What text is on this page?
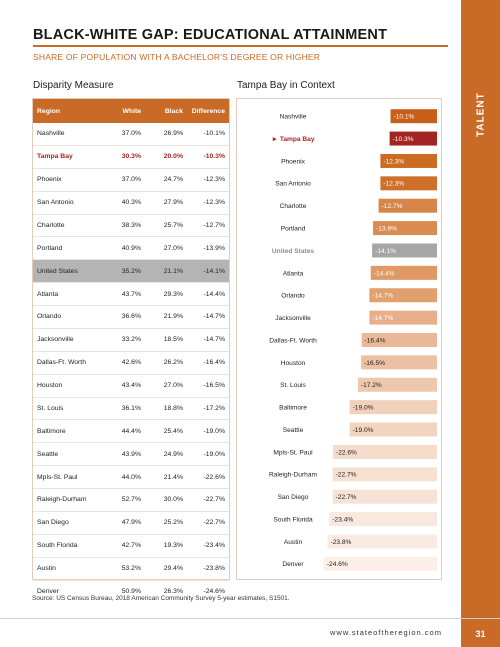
TALENT
BLACK-WHITE GAP: EDUCATIONAL ATTAINMENT
SHARE OF POPULATION WITH A BACHELOR'S DEGREE OR HIGHER
Disparity Measure	Tampa Bay in Context
Region	White	Black	Difference
Nashville	37.0%	26.9%	-10.1%
Tampa Bay	30.3%	20.0%	-10.3%
Phoenix	37.0%	24.7%	-12.3%
San Antonio	40.3%	27.9%	-12.3%
Charlotte	38.3%	25.7%	-12.7%
Portland	40.9%	27.0%	-13.9%
United States	35.2%	21.1%	-14.1%
Atlanta	43.7%	29.3%	-14.4%
Orlando	36.6%	21.9%	-14.7%
Jacksonville	33.2%	18.5%	-14.7%
Dallas-Ft. Worth	42.6%	26.2%	-16.4%
Houston	43.4%	27.0%	-16.5%
St. Louis	36.1%	18.8%	-17.2%
Baltimore	44.4%	25.4%	-19.0%
Seattle	43.9%	24.9%	-19.0%
Mpls-St. Paul	44.0%	21.4%	-22.6%
Raleigh-Durham	52.7%	30.0%	-22.7%
San Diego	47.9%	25.2%	-22.7%
South Florida	42.7%	19.3%	-23.4%
Austin	53.2%	29.4%	-23.8%
Denver	50.9%	26.3%	-24.6%
Nashville	-10.1%
► Tampa Bay	-10.3%
Phoenix	-12.3%
San Antonio	-12.3%
Charlotte	-12.7%
Portland	-13.9%
United States	-14.1%
Atlanta	-14.4%
Orlando	-14.7%
Jacksonville	-14.7%
Dallas-Ft. Worth	-16.4%
Houston	-16.5%
St. Louis	-17.2%
Baltimore	-19.0%
Seattle	-19.0%
Mpls-St. Paul	-22.6%
Raleigh-Durham	-22.7%
San Diego	-22.7%
South Florida	-23.4%
Austin	-23.8%
Denver	-24.6%
Source: US Census Bureau, 2018 American Community Survey 5-year estimates, S1501.
www.stateoftheregion.com	31
